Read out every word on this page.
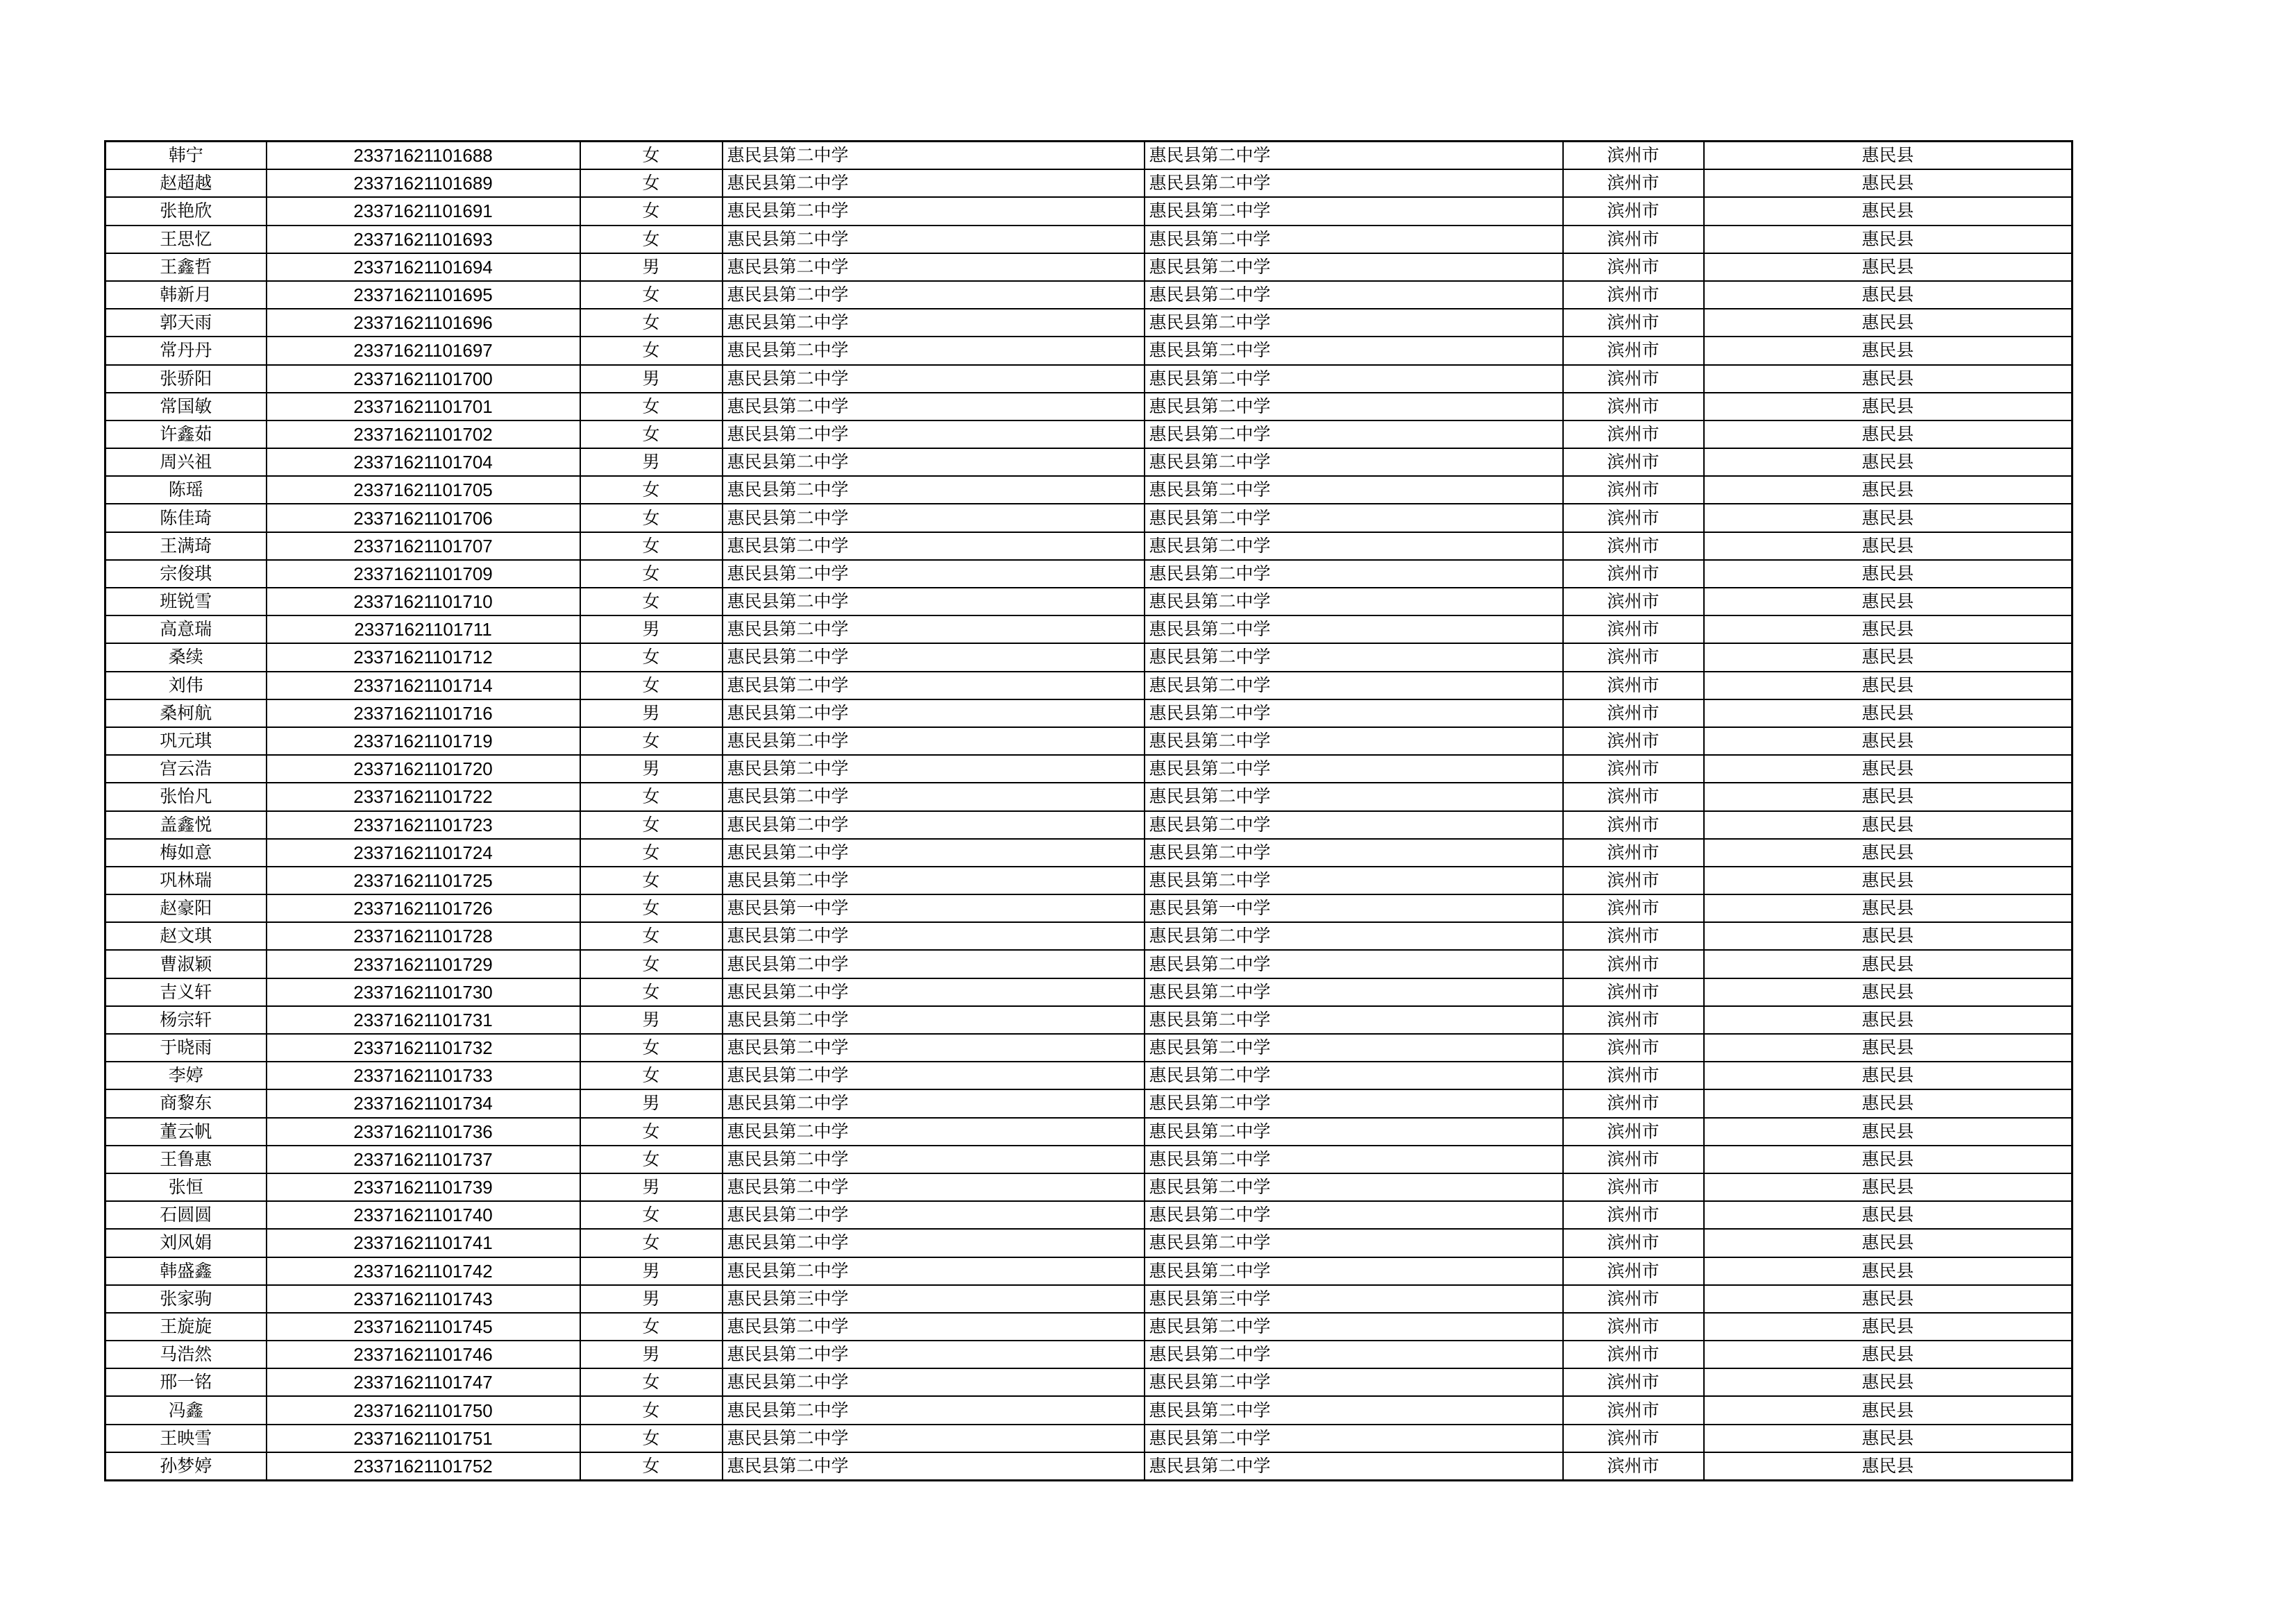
韩宁	23371621101688	女	惠民县第二中学	惠民县第二中学	滨州市	惠民县
赵超越	23371621101689	女	惠民县第二中学	惠民县第二中学	滨州市	惠民县
张艳欣	23371621101691	女	惠民县第二中学	惠民县第二中学	滨州市	惠民县
王思忆	23371621101693	女	惠民县第二中学	惠民县第二中学	滨州市	惠民县
王鑫哲	23371621101694	男	惠民县第二中学	惠民县第二中学	滨州市	惠民县
韩新月	23371621101695	女	惠民县第二中学	惠民县第二中学	滨州市	惠民县
郭天雨	23371621101696	女	惠民县第二中学	惠民县第二中学	滨州市	惠民县
常丹丹	23371621101697	女	惠民县第二中学	惠民县第二中学	滨州市	惠民县
张骄阳	23371621101700	男	惠民县第二中学	惠民县第二中学	滨州市	惠民县
常国敏	23371621101701	女	惠民县第二中学	惠民县第二中学	滨州市	惠民县
许鑫茹	23371621101702	女	惠民县第二中学	惠民县第二中学	滨州市	惠民县
周兴祖	23371621101704	男	惠民县第二中学	惠民县第二中学	滨州市	惠民县
陈瑶	23371621101705	女	惠民县第二中学	惠民县第二中学	滨州市	惠民县
陈佳琦	23371621101706	女	惠民县第二中学	惠民县第二中学	滨州市	惠民县
王满琦	23371621101707	女	惠民县第二中学	惠民县第二中学	滨州市	惠民县
宗俊琪	23371621101709	女	惠民县第二中学	惠民县第二中学	滨州市	惠民县
班锐雪	23371621101710	女	惠民县第二中学	惠民县第二中学	滨州市	惠民县
高意瑞	23371621101711	男	惠民县第二中学	惠民县第二中学	滨州市	惠民县
桑续	23371621101712	女	惠民县第二中学	惠民县第二中学	滨州市	惠民县
刘伟	23371621101714	女	惠民县第二中学	惠民县第二中学	滨州市	惠民县
桑柯航	23371621101716	男	惠民县第二中学	惠民县第二中学	滨州市	惠民县
巩元琪	23371621101719	女	惠民县第二中学	惠民县第二中学	滨州市	惠民县
宫云浩	23371621101720	男	惠民县第二中学	惠民县第二中学	滨州市	惠民县
张怡凡	23371621101722	女	惠民县第二中学	惠民县第二中学	滨州市	惠民县
盖鑫悦	23371621101723	女	惠民县第二中学	惠民县第二中学	滨州市	惠民县
梅如意	23371621101724	女	惠民县第二中学	惠民县第二中学	滨州市	惠民县
巩林瑞	23371621101725	女	惠民县第二中学	惠民县第二中学	滨州市	惠民县
赵豪阳	23371621101726	女	惠民县第一中学	惠民县第一中学	滨州市	惠民县
赵文琪	23371621101728	女	惠民县第二中学	惠民县第二中学	滨州市	惠民县
曹淑颖	23371621101729	女	惠民县第二中学	惠民县第二中学	滨州市	惠民县
吉义轩	23371621101730	女	惠民县第二中学	惠民县第二中学	滨州市	惠民县
杨宗轩	23371621101731	男	惠民县第二中学	惠民县第二中学	滨州市	惠民县
于晓雨	23371621101732	女	惠民县第二中学	惠民县第二中学	滨州市	惠民县
李婷	23371621101733	女	惠民县第二中学	惠民县第二中学	滨州市	惠民县
商黎东	23371621101734	男	惠民县第二中学	惠民县第二中学	滨州市	惠民县
董云帆	23371621101736	女	惠民县第二中学	惠民县第二中学	滨州市	惠民县
王鲁惠	23371621101737	女	惠民县第二中学	惠民县第二中学	滨州市	惠民县
张恒	23371621101739	男	惠民县第二中学	惠民县第二中学	滨州市	惠民县
石圆圆	23371621101740	女	惠民县第二中学	惠民县第二中学	滨州市	惠民县
刘风娟	23371621101741	女	惠民县第二中学	惠民县第二中学	滨州市	惠民县
韩盛鑫	23371621101742	男	惠民县第二中学	惠民县第二中学	滨州市	惠民县
张家驹	23371621101743	男	惠民县第三中学	惠民县第三中学	滨州市	惠民县
王旋旋	23371621101745	女	惠民县第二中学	惠民县第二中学	滨州市	惠民县
马浩然	23371621101746	男	惠民县第二中学	惠民县第二中学	滨州市	惠民县
邢一铭	23371621101747	女	惠民县第二中学	惠民县第二中学	滨州市	惠民县
冯鑫	23371621101750	女	惠民县第二中学	惠民县第二中学	滨州市	惠民县
王映雪	23371621101751	女	惠民县第二中学	惠民县第二中学	滨州市	惠民县
孙梦婷	23371621101752	女	惠民县第二中学	惠民县第二中学	滨州市	惠民县
